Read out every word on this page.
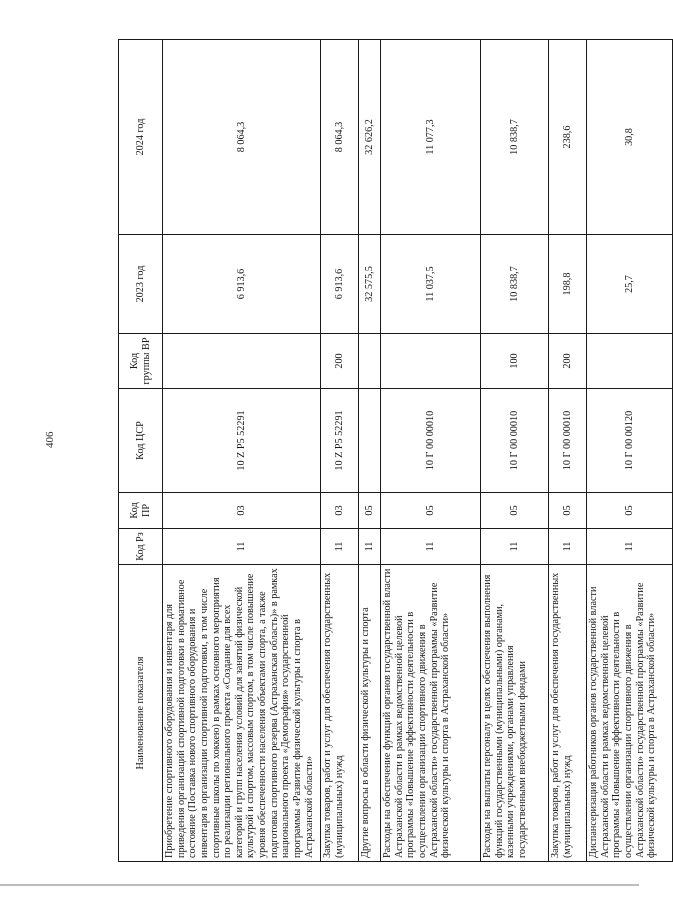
406
Наименование показателя	Код Рз	Код ПР	Код ЦСР	Код группы ВР	2023 год	2024 год
Приобретение спортивного оборудования и инвентаря для приведения организаций спортивной подготовки в нормативное состояние (Поставка нового спортивного оборудования и инвентаря в организации спортивной подготовки, в том числе спортивные школы по хоккею) в рамках основного мероприятия по реализации регионального проекта «Создание для всех категорий и групп населения условий для занятий физической культурой и спортом, массовым спортом, в том числе повышение уровня обеспеченности населения объектами спорта, а также подготовка спортивного резерва (Астраханская область)» в рамках национального проекта «Демография» государственной программы «Развитие физической культуры и спорта в Астраханской области»	11	03	10 Z P5 52291		6 913,6	8 064,3
Закупка товаров, работ и услуг для обеспечения государственных (муниципальных) нужд	11	03	10 Z P5 52291	200	6 913,6	8 064,3
Другие вопросы в области физической культуры и спорта	11	05			32 575,5	32 626,2
Расходы на обеспечение функций органов государственной власти Астраханской области в рамках ведомственной целевой программы «Повышение эффективности деятельности в осуществлении организации спортивного движения в Астраханской области» государственной программы «Развитие физической культуры и спорта в Астраханской области»	11	05	10 Г 00 00010		11 037,5	11 077,3
Расходы на выплаты персоналу в целях обеспечения выполнения функций государственными (муниципальными) органами, казенными учреждениями, органами управления государственными внебюджетными фондами	11	05	10 Г 00 00010	100	10 838,7	10 838,7
Закупка товаров, работ и услуг для обеспечения государственных (муниципальных) нужд	11	05	10 Г 00 00010	200	198,8	238,6
Диспансеризация работников органов государственной власти Астраханской области в рамках ведомственной целевой программы «Повышение эффективности деятельности в осуществлении организации спортивного движения в Астраханской области» государственной программы «Развитие физической культуры и спорта в Астраханской области»	11	05	10 Г 00 00120		25,7	30,8
